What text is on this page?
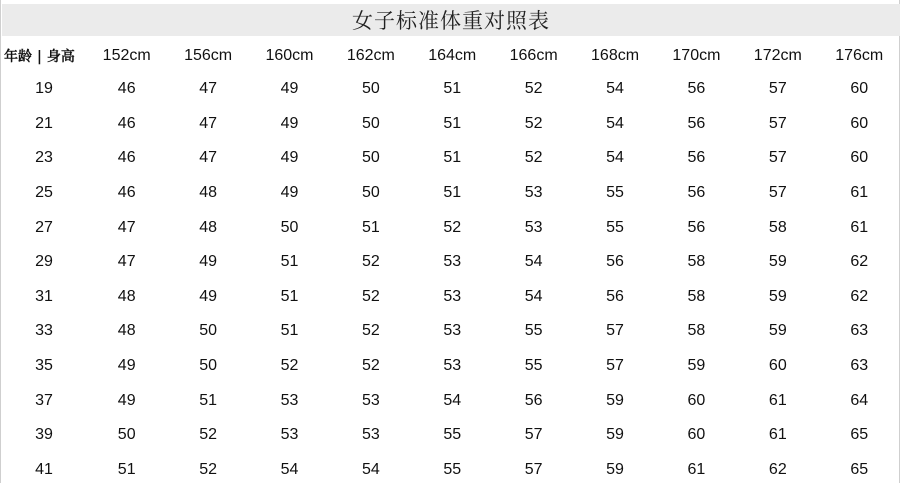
女子标准体重对照表
年龄 | 身高	152cm	156cm	160cm	162cm	164cm	166cm	168cm	170cm	172cm	176cm
19	46	47	49	50	51	52	54	56	57	60
21	46	47	49	50	51	52	54	56	57	60
23	46	47	49	50	51	52	54	56	57	60
25	46	48	49	50	51	53	55	56	57	61
27	47	48	50	51	52	53	55	56	58	61
29	47	49	51	52	53	54	56	58	59	62
31	48	49	51	52	53	54	56	58	59	62
33	48	50	51	52	53	55	57	58	59	63
35	49	50	52	52	53	55	57	59	60	63
37	49	51	53	53	54	56	59	60	61	64
39	50	52	53	53	55	57	59	60	61	65
41	51	52	54	54	55	57	59	61	62	65
